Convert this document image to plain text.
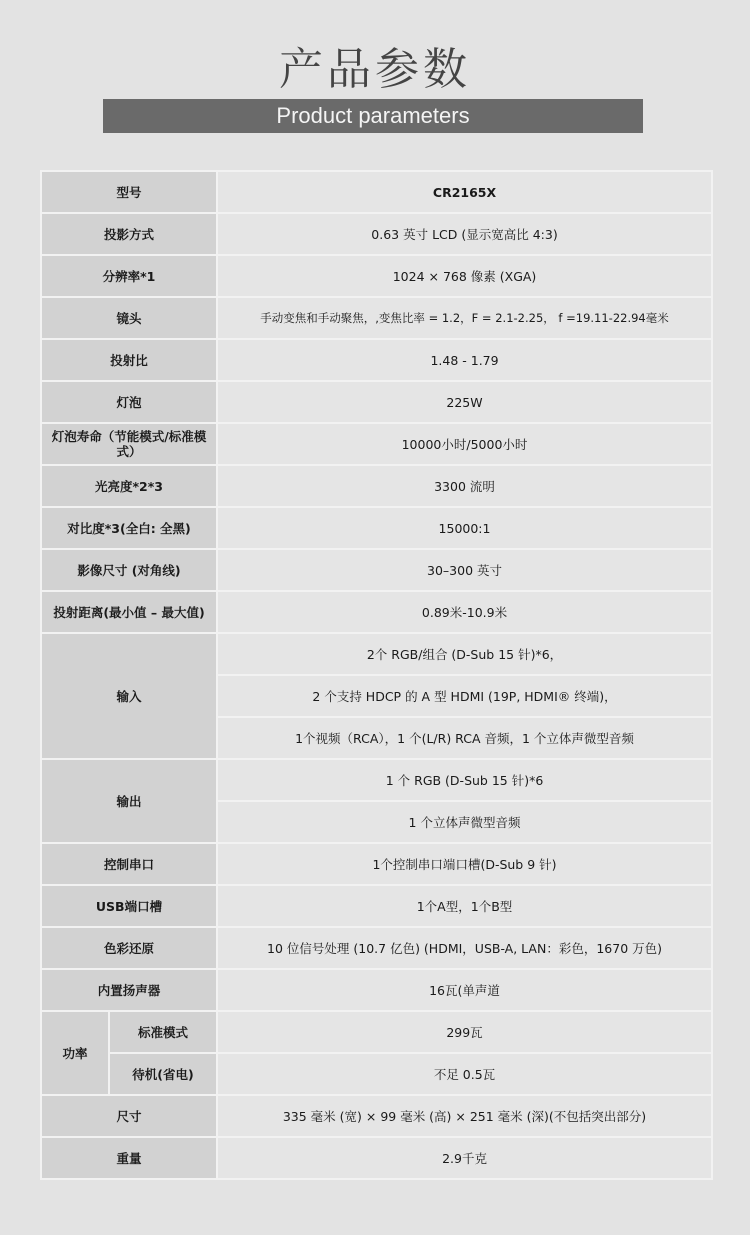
产品参数
Product parameters
型号		CR2165X
投影方式		0.63 英寸 LCD (显示宽高比 4:3)
分辨率*1		1024 × 768 像素 (XGA)
镜头		手动变焦和手动聚焦，,变焦比率 = 1.2，F = 2.1-2.25， f =19.11-22.94毫米
投射比		1.48 - 1.79
灯泡		225W
灯泡寿命（节能模式/标准模式）		10000小时/5000小时
光亮度*2*3		3300 流明
对比度*3(全白: 全黑)		15000:1
影像尺寸 (对角线)		30–300 英寸
投射距离(最小值 – 最大值)		0.89米-10.9米
输入		2个 RGB/组合 (D-Sub 15 针)*6，
		2 个支持 HDCP 的 A 型 HDMI (19P, HDMI® 终端)，
		1个视频（RCA），1 个(L/R) RCA 音频，1 个立体声微型音频
输出		1 个 RGB (D-Sub 15 针)*6
		1 个立体声微型音频
控制串口		1个控制串口端口槽(D-Sub 9 针)
USB端口槽		1个A型，1个B型
色彩还原		10 位信号处理 (10.7 亿色) (HDMI，USB-A, LAN：彩色，1670 万色)
内置扬声器		16瓦(单声道
功率	标准模式	299瓦
	待机(省电)	不足 0.5瓦
尺寸		335 毫米 (宽) × 99 毫米 (高) × 251 毫米 (深)(不包括突出部分)
重量		2.9千克
